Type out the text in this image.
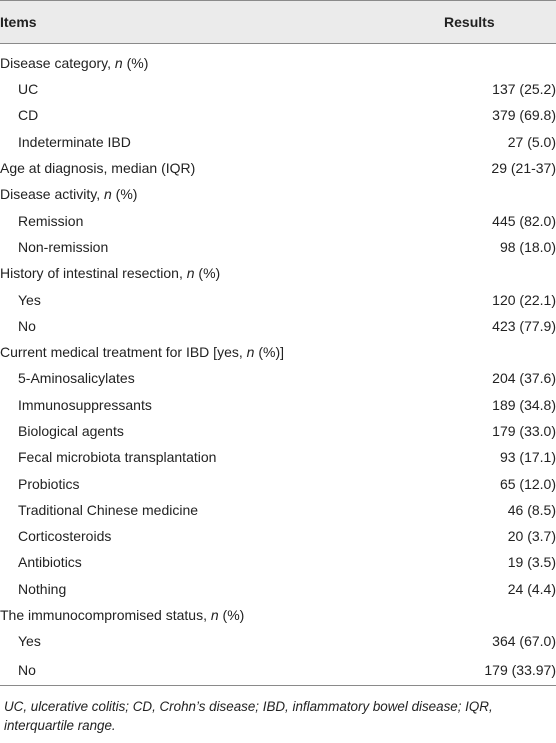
Items	Results
Disease category, n (%)	
UC	137 (25.2)
CD	379 (69.8)
Indeterminate IBD	27 (5.0)
Age at diagnosis, median (IQR)	29 (21-37)
Disease activity, n (%)	
Remission	445 (82.0)
Non-remission	98 (18.0)
History of intestinal resection, n (%)	
Yes	120 (22.1)
No	423 (77.9)
Current medical treatment for IBD [yes, n (%)]	
5-Aminosalicylates	204 (37.6)
Immunosuppressants	189 (34.8)
Biological agents	179 (33.0)
Fecal microbiota transplantation	93 (17.1)
Probiotics	65 (12.0)
Traditional Chinese medicine	46 (8.5)
Corticosteroids	20 (3.7)
Antibiotics	19 (3.5)
Nothing	24 (4.4)
The immunocompromised status, n (%)	
Yes	364 (67.0)
No	179 (33.97)
UC, ulcerative colitis; CD, Crohn’s disease; IBD, inflammatory bowel disease; IQR, interquartile range.
